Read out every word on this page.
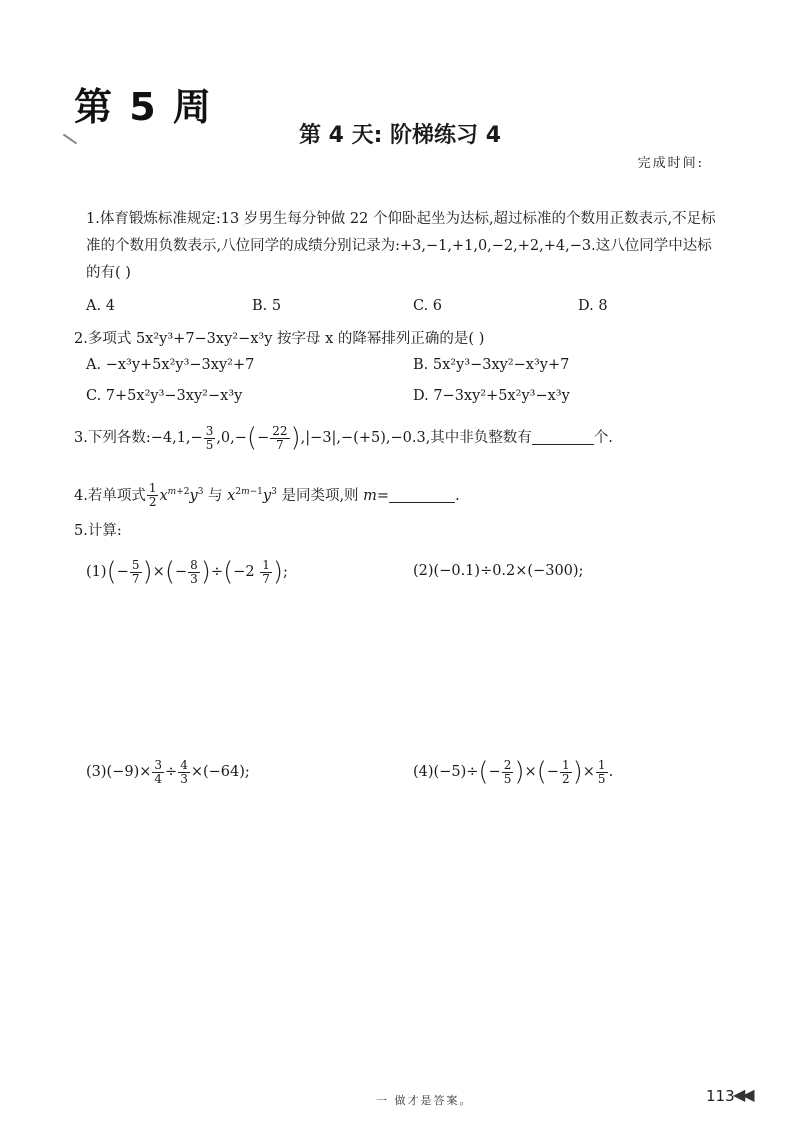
第 5 周
第 4 天: 阶梯练习 4
完成时间:

1.体育锻炼标准规定:13 岁男生每分钟做 22 个仰卧起坐为达标,超过标准的个数用正数表示,不足标准的个数用负数表示,八位同学的成绩分别记录为:+3,−1,+1,0,−2,+2,+4,−3.这八位同学中达标的有( )

A. 4	B. 5	C. 6	D. 8
2.多项式 5x²y³+7−3xy²−x³y 按字母 x 的降幂排列正确的是( )
A. −x³y+5x²y³−3xy²+7	B. 5x²y³−3xy²−x³y+7
C. 7+5x²y³−3xy²−x³y	D. 7−3xy²+5x²y³−x³y
3.下列各数:−4,1,− $\frac{3}{5} ,0,-(- \frac{22}{7} ),|-3|,-(+5),-0.3$,其中非负整数有	个.
4.若单项式 $\frac{1}{2} x^{m+2}y^3$ 与 $x^{2m-1}y^3$ 是同类项,则 m=	.
5.计算:
$(1)(- \frac{5}{7}$ )×(− $\frac{8}{3} )\div(-2 \frac{1}{7}$ );	(2)(−0.1)÷0.2×(−300);
$(3)(-9)\times \frac{3}{4} \div \frac{4}{3} \times(-64)$;	$(4)(-5)\div(- \frac{2}{5}$ )×(− $\frac{1}{2}$ )× $\frac{1}{5}$ .
一 做才是答案。	113
◀◀
